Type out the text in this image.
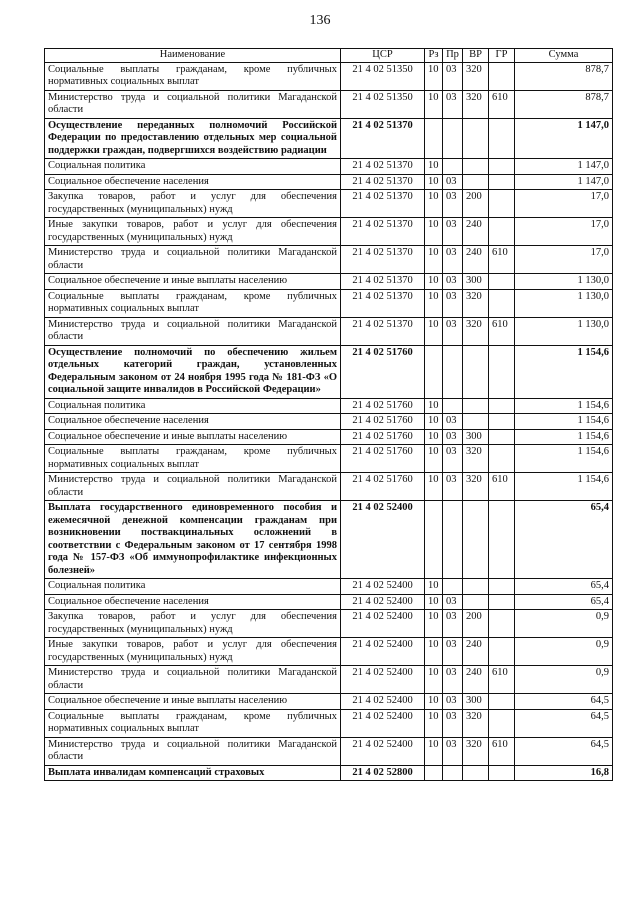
136
Наименование	ЦСР	Рз	Пр	ВР	ГР	Сумма
Социальные выплаты гражданам, кроме публичных нормативных социальных выплат	21 4 02 51350	10	03	320		878,7
Министерство труда и социальной политики Магаданской области	21 4 02 51350	10	03	320	610	878,7
Осуществление переданных полномочий Российской Федерации по предоставлению отдельных мер социальной поддержки граждан, подвергшихся воздействию радиации	21 4 02 51370					1 147,0
Социальная политика	21 4 02 51370	10				1 147,0
Социальное обеспечение населения	21 4 02 51370	10	03			1 147,0
Закупка товаров, работ и услуг для обеспечения государственных (муниципальных) нужд	21 4 02 51370	10	03	200		17,0
Иные закупки товаров, работ и услуг для обеспечения государственных (муниципальных) нужд	21 4 02 51370	10	03	240		17,0
Министерство труда и социальной политики Магаданской области	21 4 02 51370	10	03	240	610	17,0
Социальное обеспечение и иные выплаты населению	21 4 02 51370	10	03	300		1 130,0
Социальные выплаты гражданам, кроме публичных нормативных социальных выплат	21 4 02 51370	10	03	320		1 130,0
Министерство труда и социальной политики Магаданской области	21 4 02 51370	10	03	320	610	1 130,0
Осуществление полномочий по обеспечению жильем отдельных категорий граждан, установленных Федеральным законом от 24 ноября 1995 года № 181-ФЗ «О социальной защите инвалидов в Российской Федерации»	21 4 02 51760					1 154,6
Социальная политика	21 4 02 51760	10				1 154,6
Социальное обеспечение населения	21 4 02 51760	10	03			1 154,6
Социальное обеспечение и иные выплаты населению	21 4 02 51760	10	03	300		1 154,6
Социальные выплаты гражданам, кроме публичных нормативных социальных выплат	21 4 02 51760	10	03	320		1 154,6
Министерство труда и социальной политики Магаданской области	21 4 02 51760	10	03	320	610	1 154,6
Выплата государственного единовременного пособия и ежемесячной денежной компенсации гражданам при возникновении поствакцинальных осложнений в соответствии с Федеральным законом от 17 сентября 1998 года № 157-ФЗ «Об иммунопрофилактике инфекционных болезней»	21 4 02 52400					65,4
Социальная политика	21 4 02 52400	10				65,4
Социальное обеспечение населения	21 4 02 52400	10	03			65,4
Закупка товаров, работ и услуг для обеспечения государственных (муниципальных) нужд	21 4 02 52400	10	03	200		0,9
Иные закупки товаров, работ и услуг для обеспечения государственных (муниципальных) нужд	21 4 02 52400	10	03	240		0,9
Министерство труда и социальной политики Магаданской области	21 4 02 52400	10	03	240	610	0,9
Социальное обеспечение и иные выплаты населению	21 4 02 52400	10	03	300		64,5
Социальные выплаты гражданам, кроме публичных нормативных социальных выплат	21 4 02 52400	10	03	320		64,5
Министерство труда и социальной политики Магаданской области	21 4 02 52400	10	03	320	610	64,5
Выплата инвалидам компенсаций страховых	21 4 02 52800					16,8
